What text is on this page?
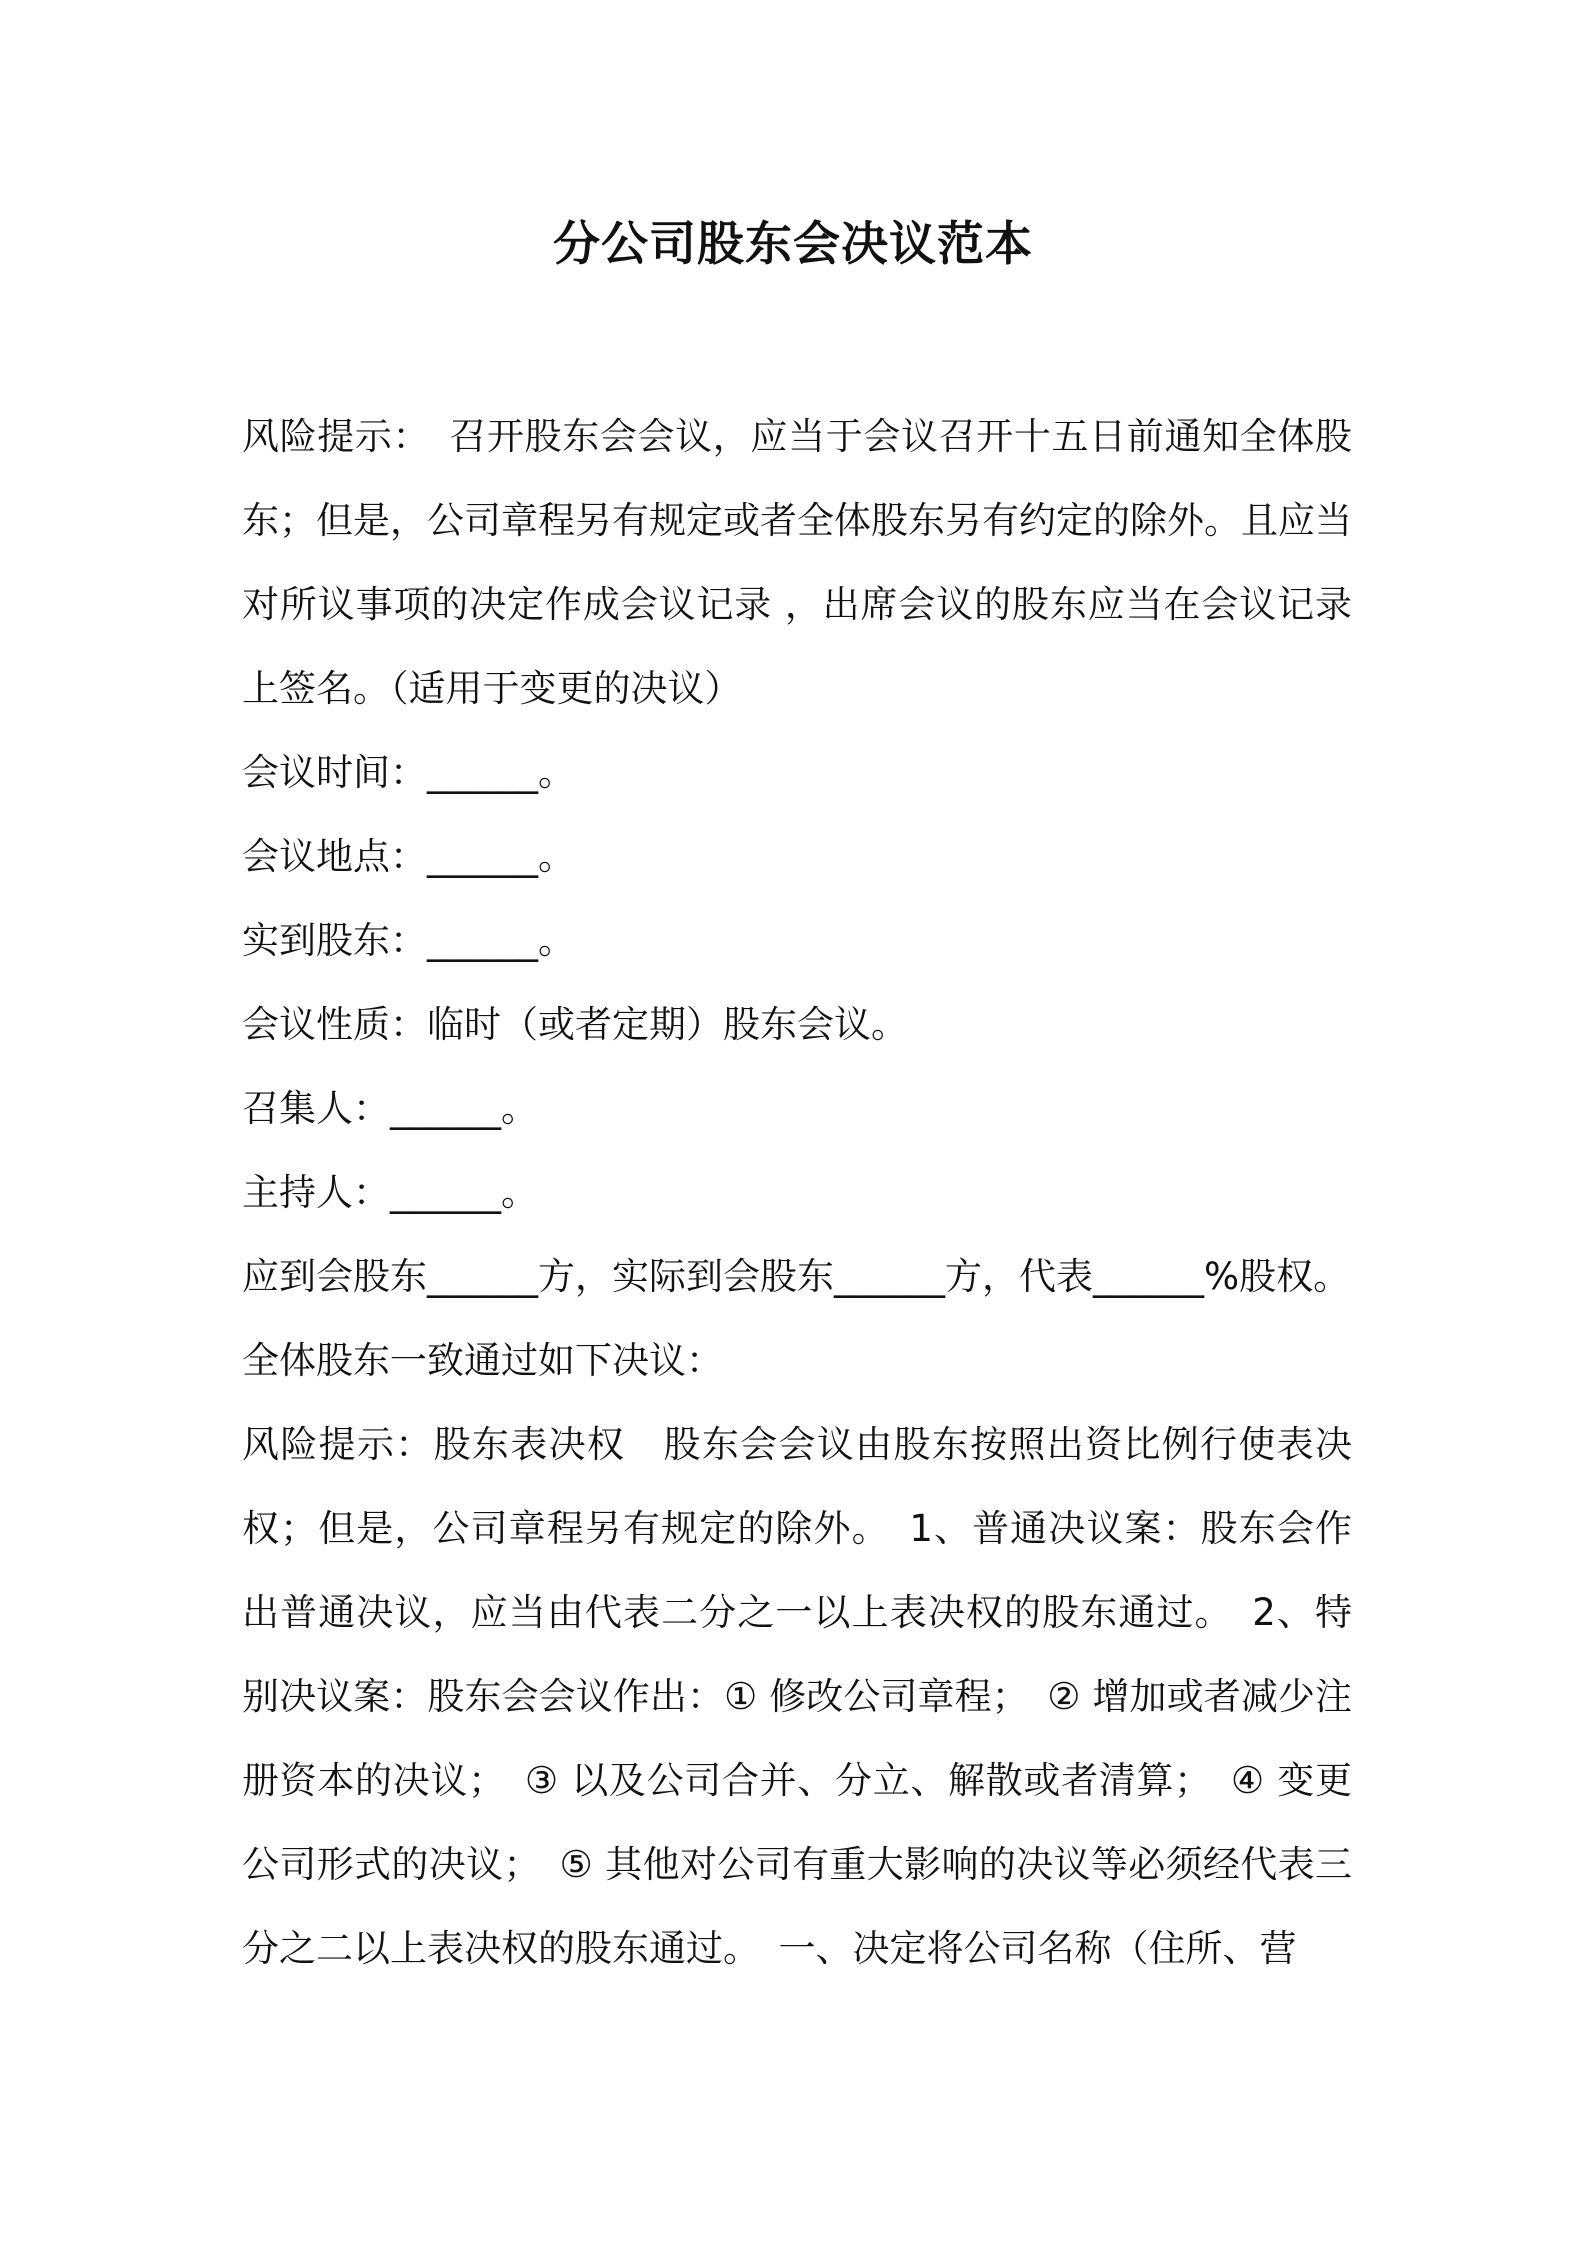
分公司股东会决议范本

风险提示：　召开股东会会议，应当于会议召开十五日前通知全体股东；但是，公司章程另有规定或者全体股东另有约定的除外。且应当对所议事项的决定作成会议记录 ，出席会议的股东应当在会议记录上签名。（适用于变更的决议）

会议时间：______。

会议地点：______。

实到股东：______。

会议性质：临时（或者定期）股东会议。

召集人：______。

主持人：______。

应到会股东______方，实际到会股东______方，代表______%股权。

全体股东一致通过如下决议：

风险提示：股东表决权　股东会会议由股东按照出资比例行使表决权；但是，公司章程另有规定的除外。　1、普通决议案：股东会作出普通决议，应当由代表二分之一以上表决权的股东通过。　2、特别决议案：股东会会议作出：① 修改公司章程；　② 增加或者减少注册资本的决议；　③ 以及公司合并、分立、解散或者清算；　④ 变更公司形式的决议；　⑤ 其他对公司有重大影响的决议等必须经代表三分之二以上表决权的股东通过。　一、决定将公司名称（住所、营
